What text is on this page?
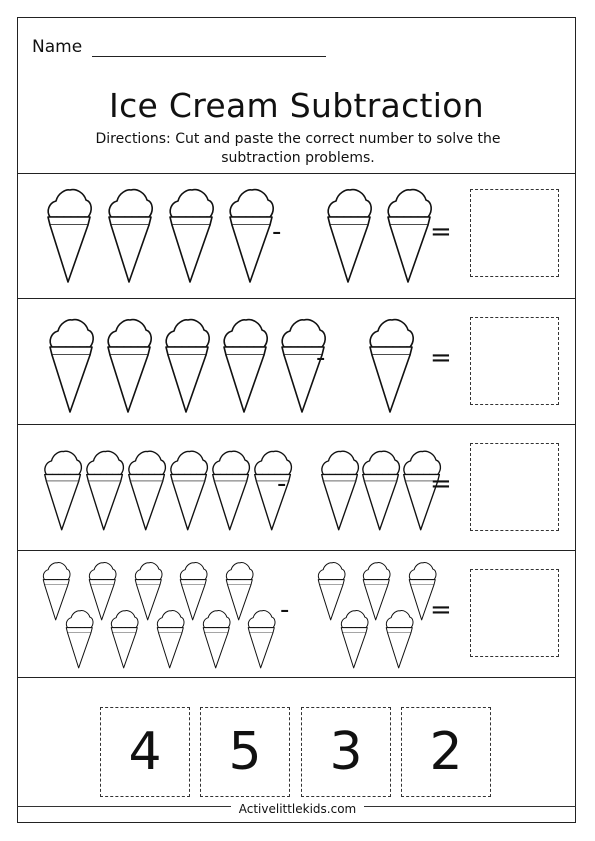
Name
Ice Cream Subtraction
Directions: Cut and paste the correct number to solve the subtraction problems.
-	=
-	=
-	=
-	=
4	5	3	2
Activelittlekids.com
